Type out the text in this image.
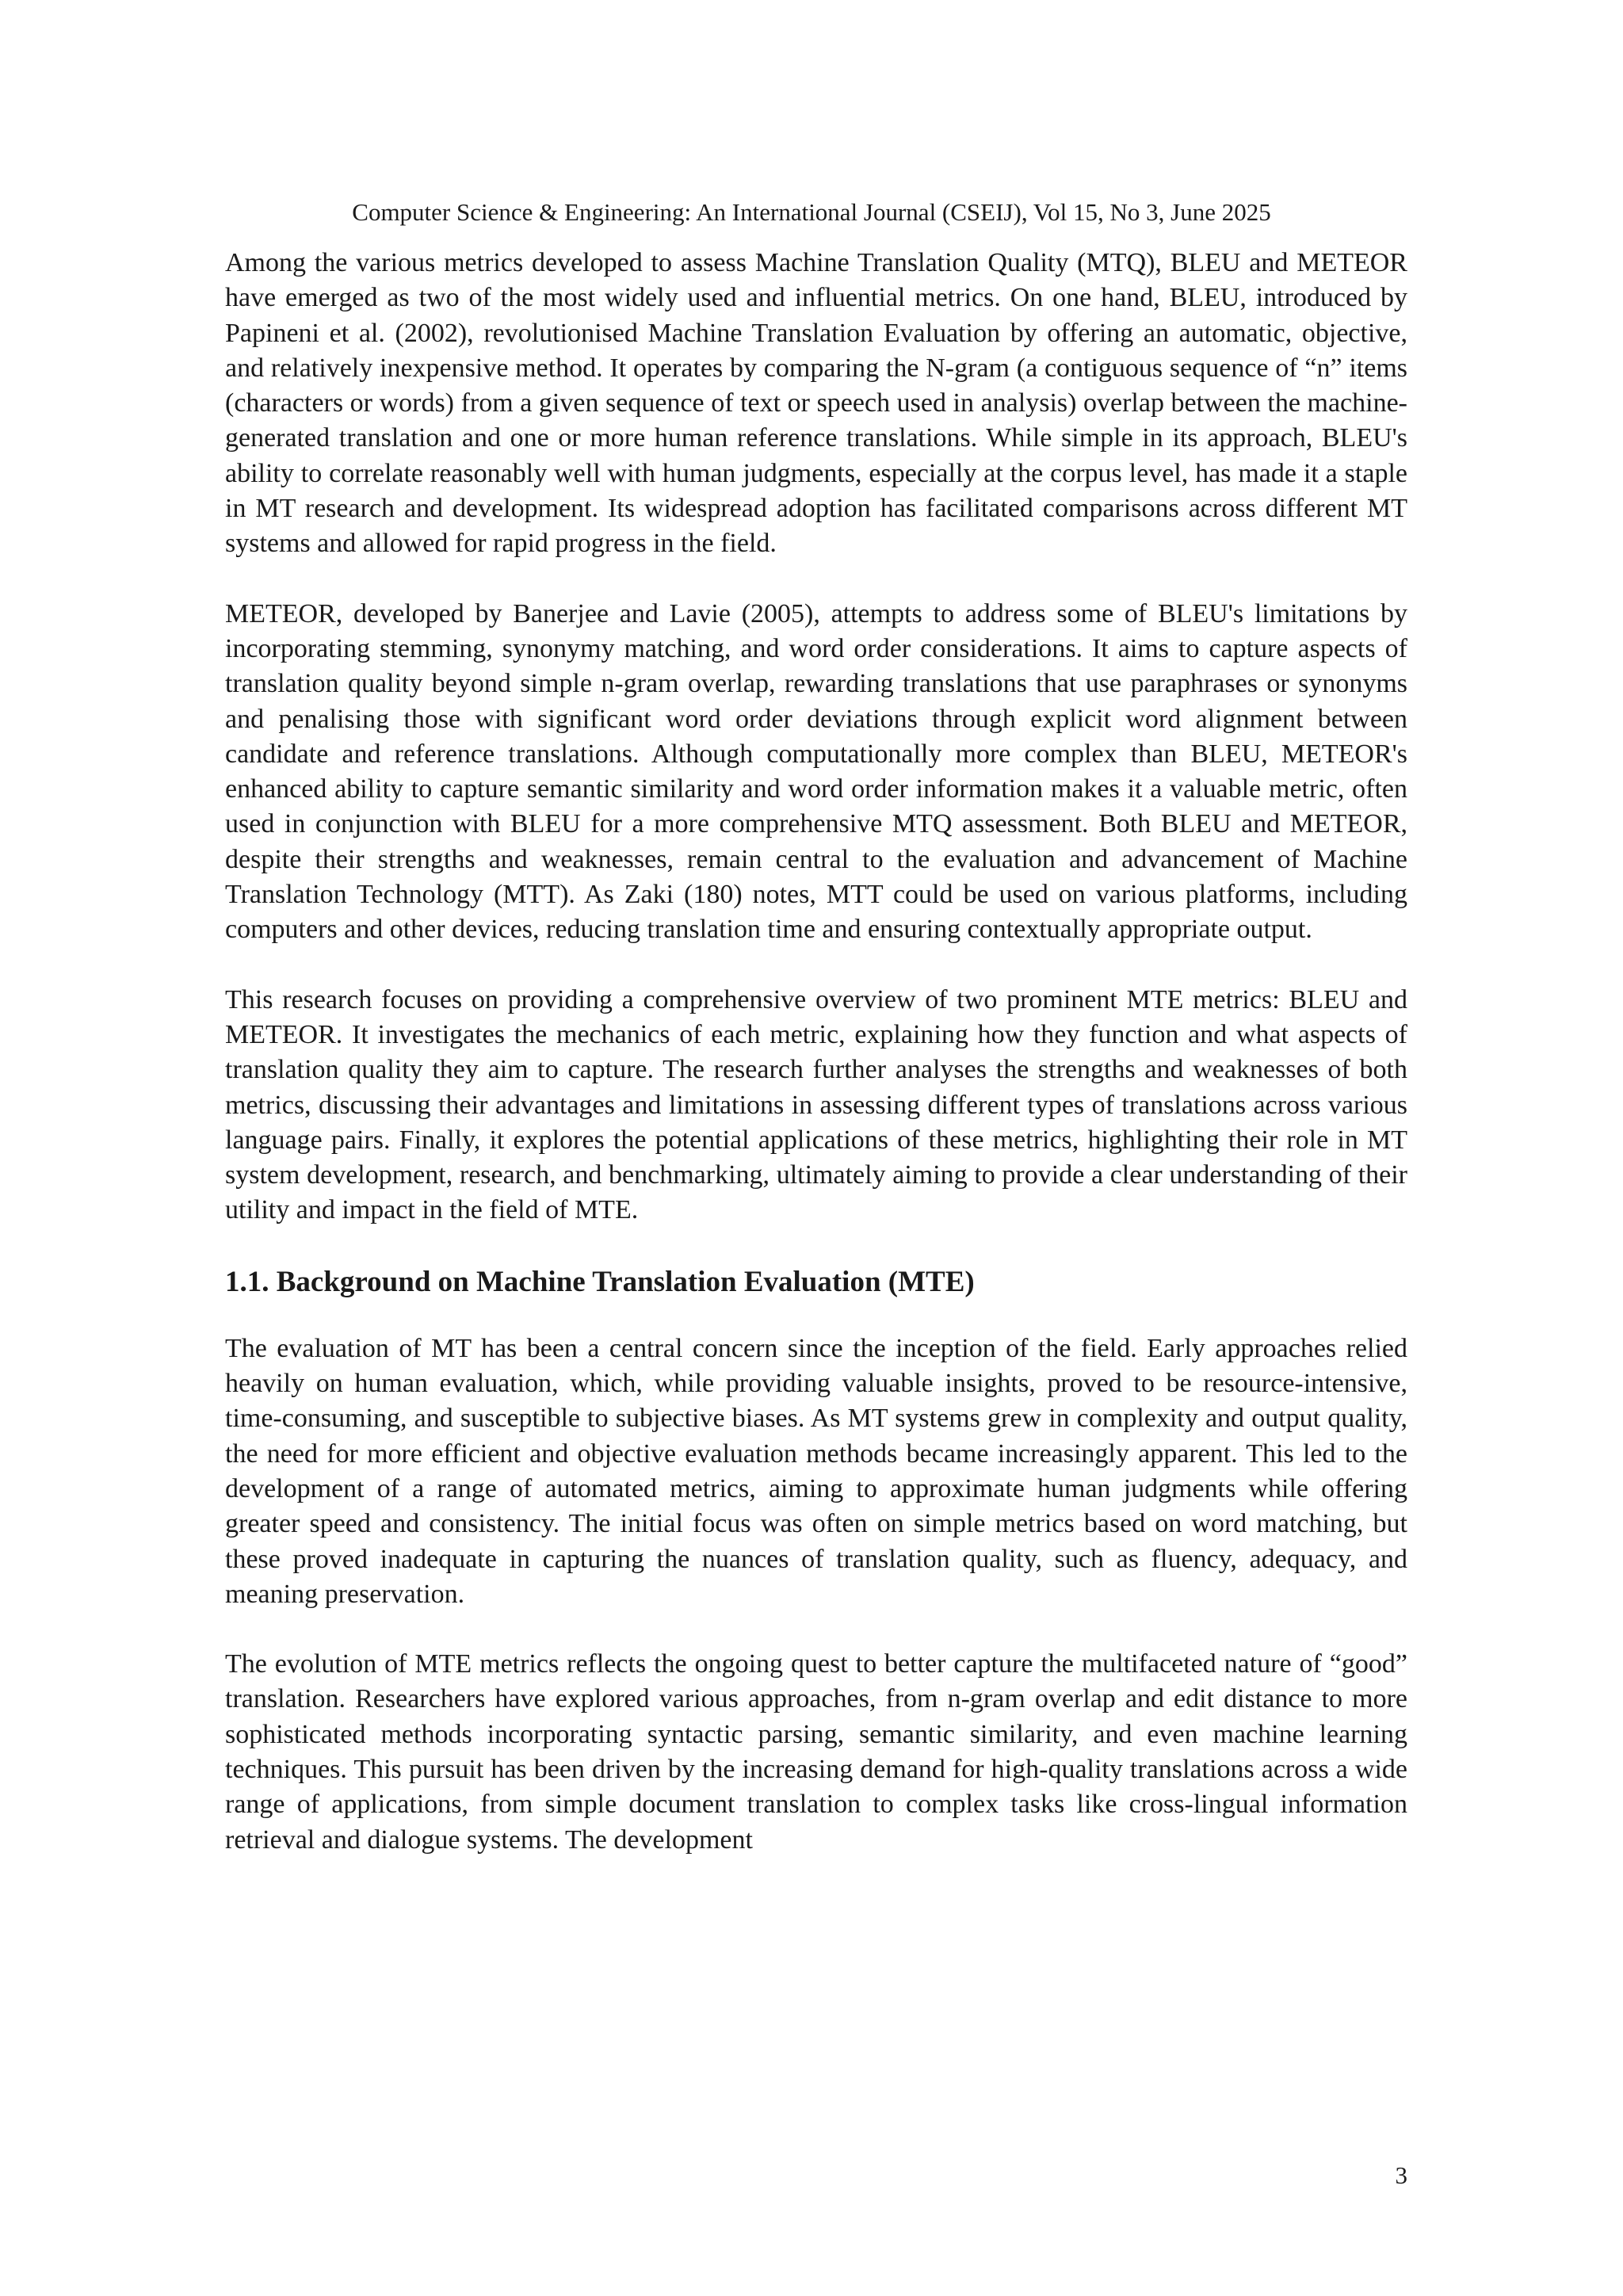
Computer Science & Engineering: An International Journal (CSEIJ), Vol 15, No 3, June 2025

Among the various metrics developed to assess Machine Translation Quality (MTQ), BLEU and METEOR have emerged as two of the most widely used and influential metrics. On one hand, BLEU, introduced by Papineni et al. (2002), revolutionised Machine Translation Evaluation by offering an automatic, objective, and relatively inexpensive method. It operates by comparing the N-gram (a contiguous sequence of “n” items (characters or words) from a given sequence of text or speech used in analysis) overlap between the machine-generated translation and one or more human reference translations. While simple in its approach, BLEU's ability to correlate reasonably well with human judgments, especially at the corpus level, has made it a staple in MT research and development. Its widespread adoption has facilitated comparisons across different MT systems and allowed for rapid progress in the field.

METEOR, developed by Banerjee and Lavie (2005), attempts to address some of BLEU's limitations by incorporating stemming, synonymy matching, and word order considerations. It aims to capture aspects of translation quality beyond simple n-gram overlap, rewarding translations that use paraphrases or synonyms and penalising those with significant word order deviations through explicit word alignment between candidate and reference translations. Although computationally more complex than BLEU, METEOR's enhanced ability to capture semantic similarity and word order information makes it a valuable metric, often used in conjunction with BLEU for a more comprehensive MTQ assessment. Both BLEU and METEOR, despite their strengths and weaknesses, remain central to the evaluation and advancement of Machine Translation Technology (MTT). As Zaki (180) notes, MTT could be used on various platforms, including computers and other devices, reducing translation time and ensuring contextually appropriate output.

This research focuses on providing a comprehensive overview of two prominent MTE metrics: BLEU and METEOR. It investigates the mechanics of each metric, explaining how they function and what aspects of translation quality they aim to capture. The research further analyses the strengths and weaknesses of both metrics, discussing their advantages and limitations in assessing different types of translations across various language pairs. Finally, it explores the potential applications of these metrics, highlighting their role in MT system development, research, and benchmarking, ultimately aiming to provide a clear understanding of their utility and impact in the field of MTE.

1.1. Background on Machine Translation Evaluation (MTE)

The evaluation of MT has been a central concern since the inception of the field. Early approaches relied heavily on human evaluation, which, while providing valuable insights, proved to be resource-intensive, time-consuming, and susceptible to subjective biases. As MT systems grew in complexity and output quality, the need for more efficient and objective evaluation methods became increasingly apparent. This led to the development of a range of automated metrics, aiming to approximate human judgments while offering greater speed and consistency. The initial focus was often on simple metrics based on word matching, but these proved inadequate in capturing the nuances of translation quality, such as fluency, adequacy, and meaning preservation.

The evolution of MTE metrics reflects the ongoing quest to better capture the multifaceted nature of “good” translation. Researchers have explored various approaches, from n-gram overlap and edit distance to more sophisticated methods incorporating syntactic parsing, semantic similarity, and even machine learning techniques. This pursuit has been driven by the increasing demand for high-quality translations across a wide range of applications, from simple document translation to complex tasks like cross-lingual information retrieval and dialogue systems. The development

3
